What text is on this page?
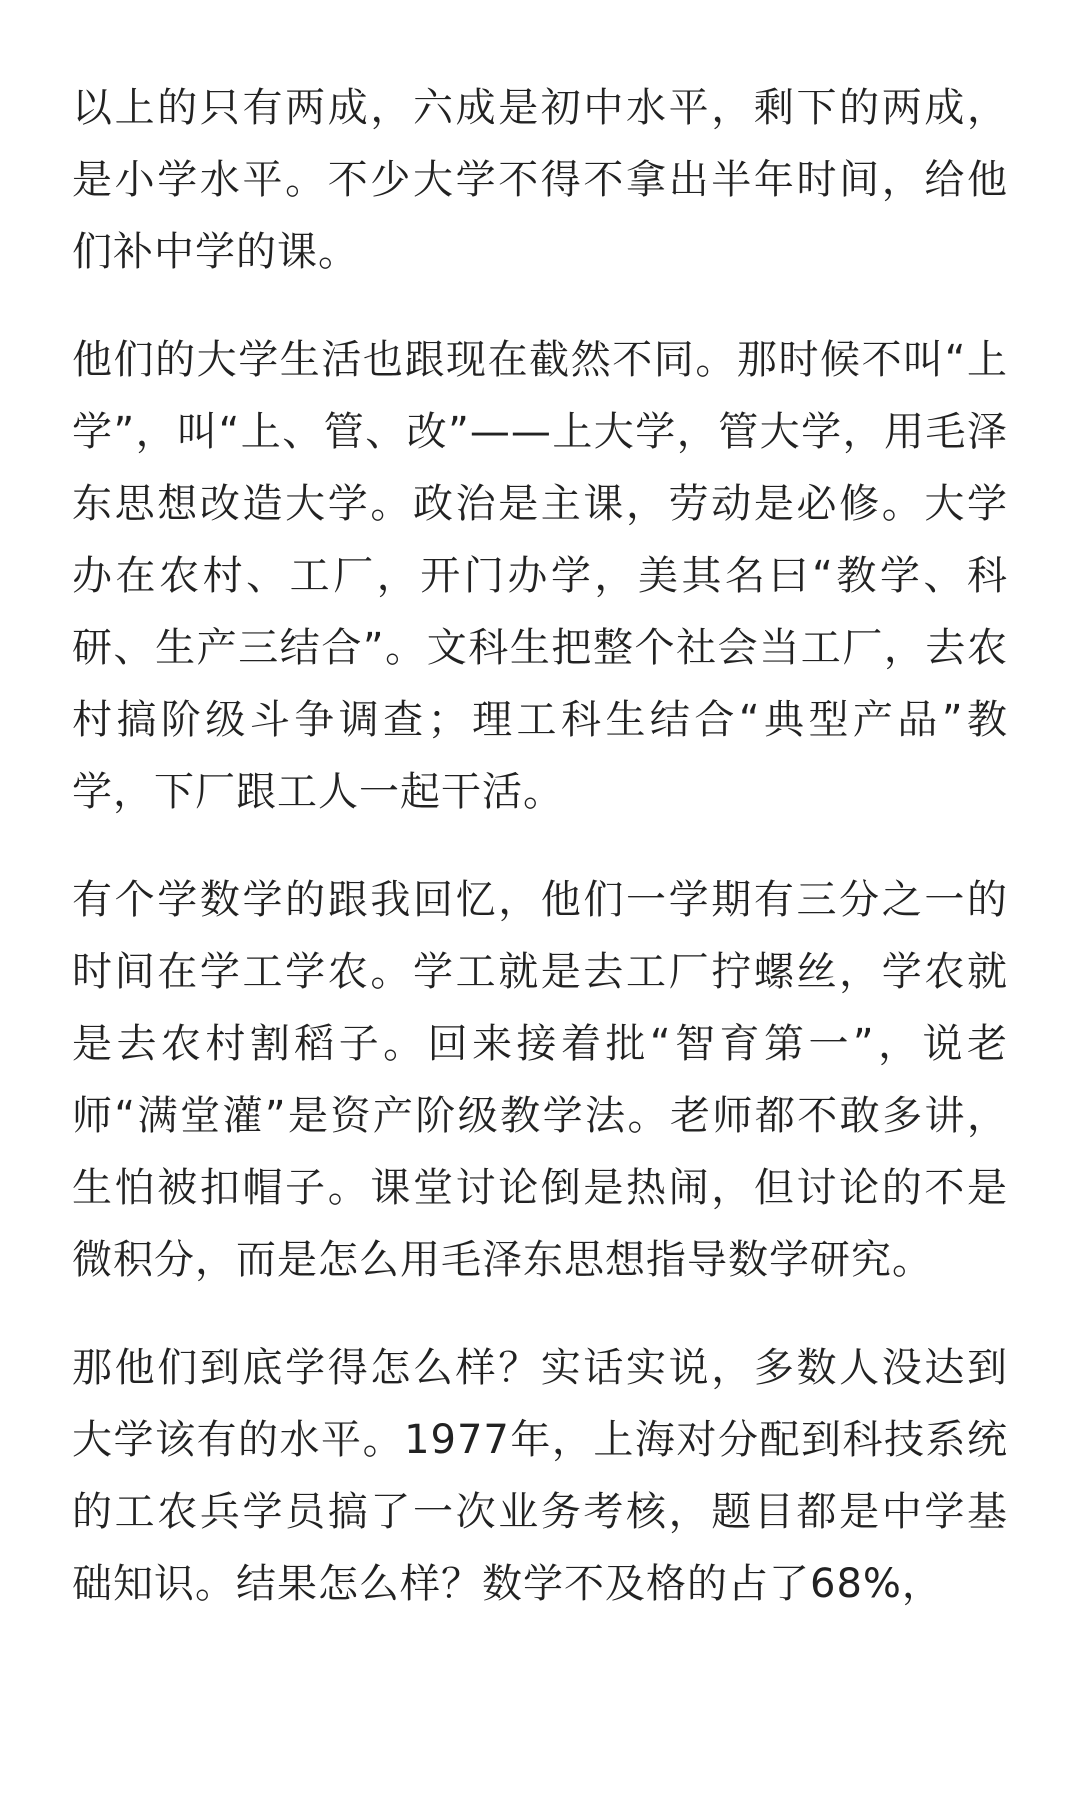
以上的只有两成，六成是初中水平，剩下的两成，是小学水平。不少大学不得不拿出半年时间，给他们补中学的课。

他们的大学生活也跟现在截然不同。那时候不叫“上学”，叫“上、管、改”——上大学，管大学，用毛泽东思想改造大学。政治是主课，劳动是必修。大学办在农村、工厂，开门办学，美其名曰“教学、科研、生产三结合”。文科生把整个社会当工厂，去农村搞阶级斗争调查；理工科生结合“典型产品”教学，下厂跟工人一起干活。

有个学数学的跟我回忆，他们一学期有三分之一的时间在学工学农。学工就是去工厂拧螺丝，学农就是去农村割稻子。回来接着批“智育第一”，说老师“满堂灌”是资产阶级教学法。老师都不敢多讲，生怕被扣帽子。课堂讨论倒是热闹，但讨论的不是微积分，而是怎么用毛泽东思想指导数学研究。

那他们到底学得怎么样？实话实说，多数人没达到大学该有的水平。1977年，上海对分配到科技系统的工农兵学员搞了一次业务考核，题目都是中学基础知识。结果怎么样？数学不及格的占了68%，
